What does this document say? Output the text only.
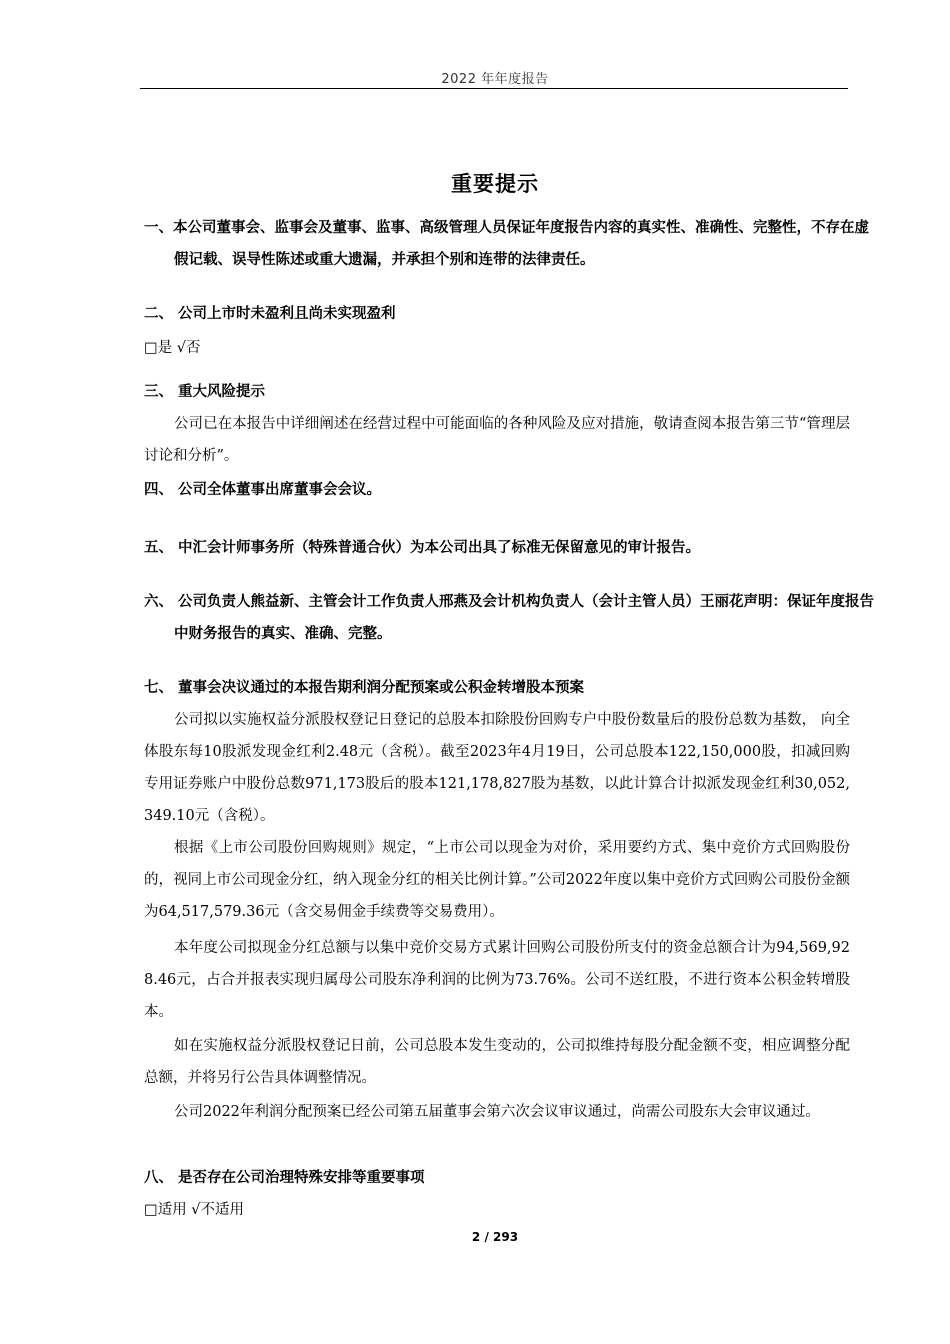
2022 年年度报告
重要提示

一、本公司董事会、监事会及董事、监事、高级管理人员保证年度报告内容的真实性、准确性、完整性，不存在虚假记载、误导性陈述或重大遗漏，并承担个别和连带的法律责任。

二、 公司上市时未盈利且尚未实现盈利

□是 √否

三、 重大风险提示

公司已在本报告中详细阐述在经营过程中可能面临的各种风险及应对措施，敬请查阅本报告第三节“管理层讨论和分析”。

四、 公司全体董事出席董事会会议。

五、 中汇会计师事务所（特殊普通合伙）为本公司出具了标准无保留意见的审计报告。

六、 公司负责人熊益新、主管会计工作负责人邢燕及会计机构负责人（会计主管人员）王丽花声明：保证年度报告中财务报告的真实、准确、完整。

七、 董事会决议通过的本报告期利润分配预案或公积金转增股本预案

公司拟以实施权益分派股权登记日登记的总股本扣除股份回购专户中股份数量后的股份总数为基数， 向全体股东每10股派发现金红利2.48元（含税）。截至2023年4月19日，公司总股本122,150,000股，扣减回购专用证券账户中股份总数971,173股后的股本121,178,827股为基数，以此计算合计拟派发现金红利30,052,349.10元（含税）。

根据《上市公司股份回购规则》规定，“上市公司以现金为对价，采用要约方式、集中竞价方式回购股份的，视同上市公司现金分红，纳入现金分红的相关比例计算。”公司2022年度以集中竞价方式回购公司股份金额为64,517,579.36元（含交易佣金手续费等交易费用）。

本年度公司拟现金分红总额与以集中竞价交易方式累计回购公司股份所支付的资金总额合计为94,569,928.46元，占合并报表实现归属母公司股东净利润的比例为73.76%。公司不送红股，不进行资本公积金转增股本。

如在实施权益分派股权登记日前，公司总股本发生变动的，公司拟维持每股分配金额不变，相应调整分配总额，并将另行公告具体调整情况。

公司2022年利润分配预案已经公司第五届董事会第六次会议审议通过，尚需公司股东大会审议通过。

八、 是否存在公司治理特殊安排等重要事项

□适用 √不适用

2 / 293
